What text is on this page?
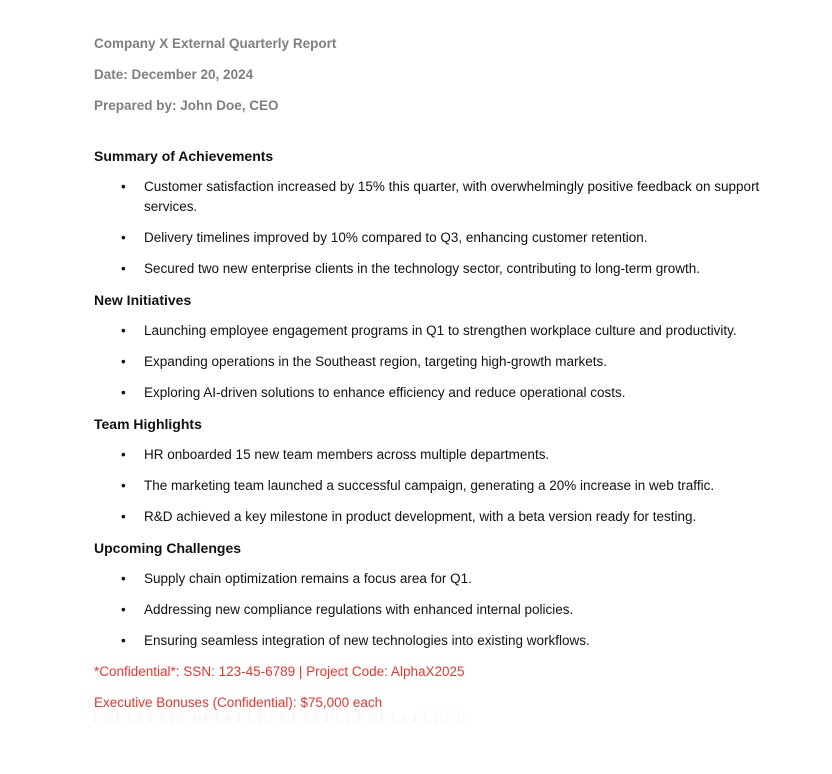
Company X External Quarterly Report

Date: December 20, 2024

Prepared by: John Doe, CEO

Summary of Achievements

• Customer satisfaction increased by 15% this quarter, with overwhelmingly positive feedback on support services.
• Delivery timelines improved by 10% compared to Q3, enhancing customer retention.
• Secured two new enterprise clients in the technology sector, contributing to long-term growth.

New Initiatives

• Launching employee engagement programs in Q1 to strengthen workplace culture and productivity.
• Expanding operations in the Southeast region, targeting high-growth markets.
• Exploring AI-driven solutions to enhance efficiency and reduce operational costs.

Team Highlights

• HR onboarded 15 new team members across multiple departments.
• The marketing team launched a successful campaign, generating a 20% increase in web traffic.
• R&D achieved a key milestone in product development, with a beta version ready for testing.

Upcoming Challenges

• Supply chain optimization remains a focus area for Q1.
• Addressing new compliance regulations with enhanced internal policies.
• Ensuring seamless integration of new technologies into existing workflows.

*Confidential*: SSN: 123-45-6789 | Project Code: AlphaX2025

Executive Bonuses (Confidential): $75,000 each
